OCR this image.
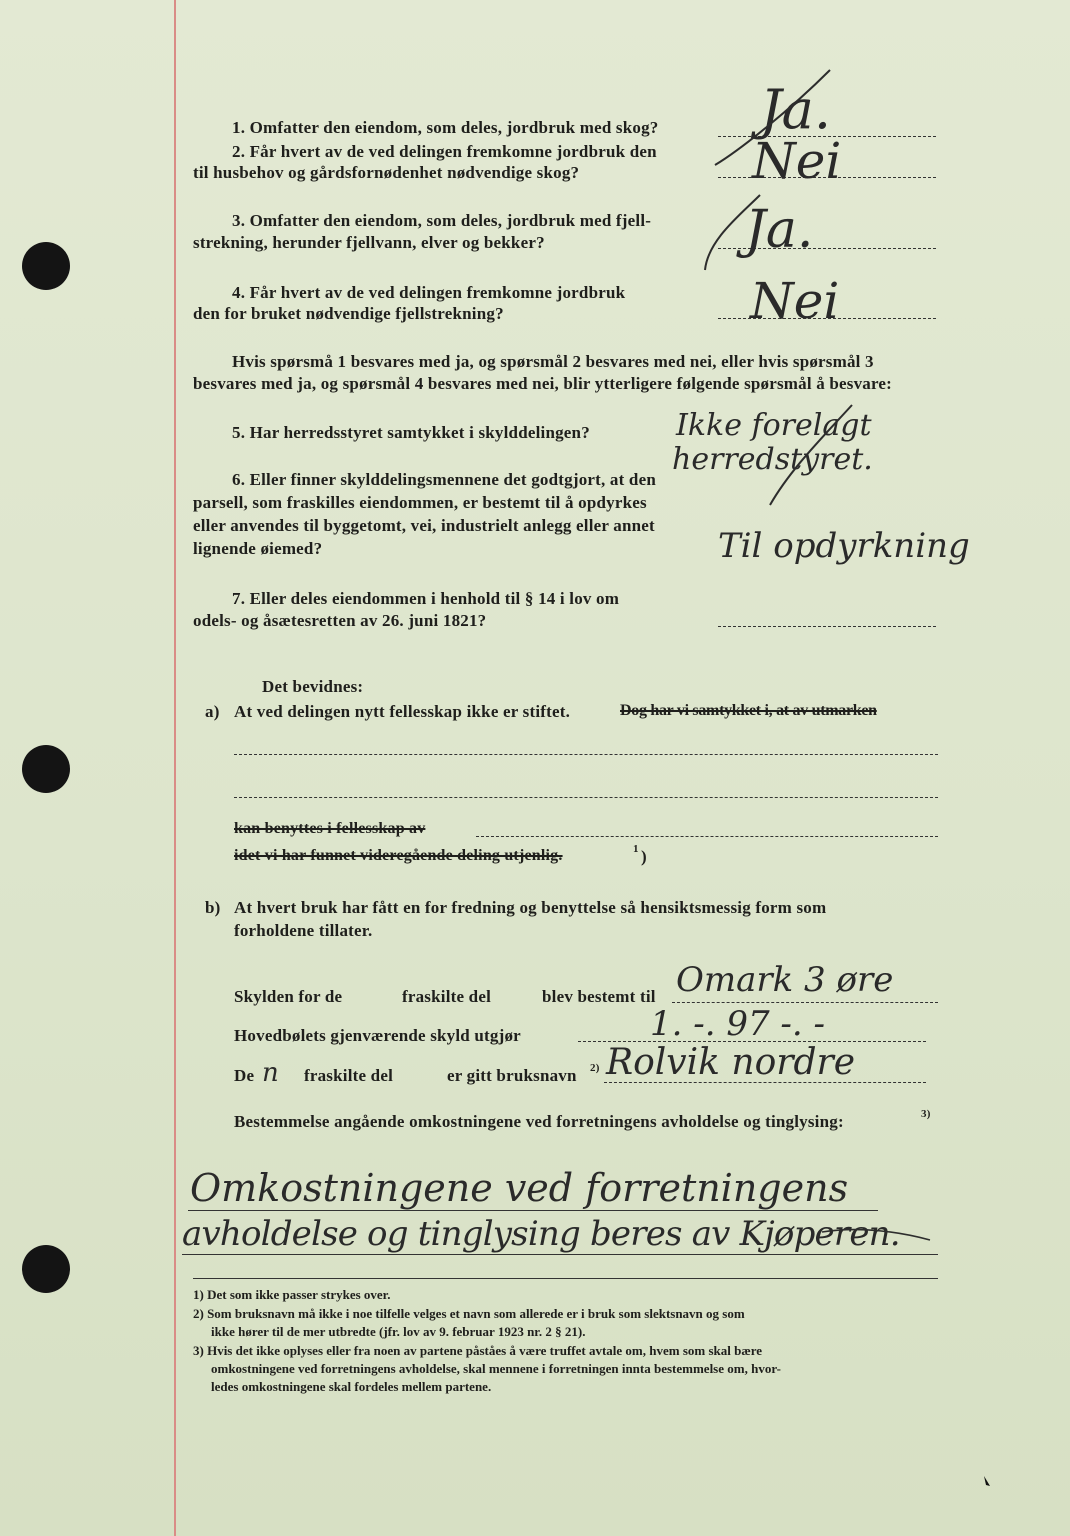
1. Omfatter den eiendom, som deles, jordbruk med skog? Ja.
2. Får hvert av de ved delingen fremkomne jordbruk den
til husbehov og gårdsfornødenhet nødvendige skog?	Nei
3. Omfatter den eiendom, som deles, jordbruk med fjell-
strekning, herunder fjellvann, elver og bekker?	Ja.
4. Får hvert av de ved delingen fremkomne jordbruk
den for bruket nødvendige fjellstrekning?	Nei
Hvis spørsmå 1 besvares med ja, og spørsmål 2 besvares med nei, eller hvis spørsmål 3
besvares med ja, og spørsmål 4 besvares med nei, blir ytterligere følgende spørsmål å besvare:
5. Har herredsstyret samtykket i skylddelingen?	Ikke forelagt
herredstyret.
6. Eller finner skylddelingsmennene det godtgjort, at den
parsell, som fraskilles eiendommen, er bestemt til å opdyrkes
eller anvendes til byggetomt, vei, industrielt anlegg eller annet
lignende øiemed?	Til opdyrkning
7. Eller deles eiendommen i henhold til § 14 i lov om
odels- og åsætesretten av 26. juni 1821?
Det bevidnes:
a) At ved delingen nytt fellesskap ikke er stiftet.	Dog har vi samtykket i, at av utmarken
kan benyttes i fellesskap av
idet vi har funnet videregående deling utjenlig.	1 )
b) At hvert bruk har fått en for fredning og benyttelse så hensiktsmessig form som
forholdene tillater.
Skylden for de	fraskilte del	blev bestemt til Omark 3 øre
Hovedbølets gjenværende skyld utgjør	1. -. 97 -. -
De n fraskilte del	er gitt bruksnavn 2) Rolvik nordre
Bestemmelse angående omkostningene ved forretningens avholdelse og tinglysing:	3)
Omkostningene ved forretningens
avholdelse og tinglysing beres av Kjøperen.
1) Det som ikke passer strykes over.
2) Som bruksnavn må ikke i noe tilfelle velges et navn som allerede er i bruk som slektsnavn og som
ikke hører til de mer utbredte (jfr. lov av 9. februar 1923 nr. 2 § 21).
3) Hvis det ikke oplyses eller fra noen av partene påståes å være truffet avtale om, hvem som skal bære
omkostningene ved forretningens avholdelse, skal mennene i forretningen innta bestemmelse om, hvor-
ledes omkostningene skal fordeles mellem partene.
